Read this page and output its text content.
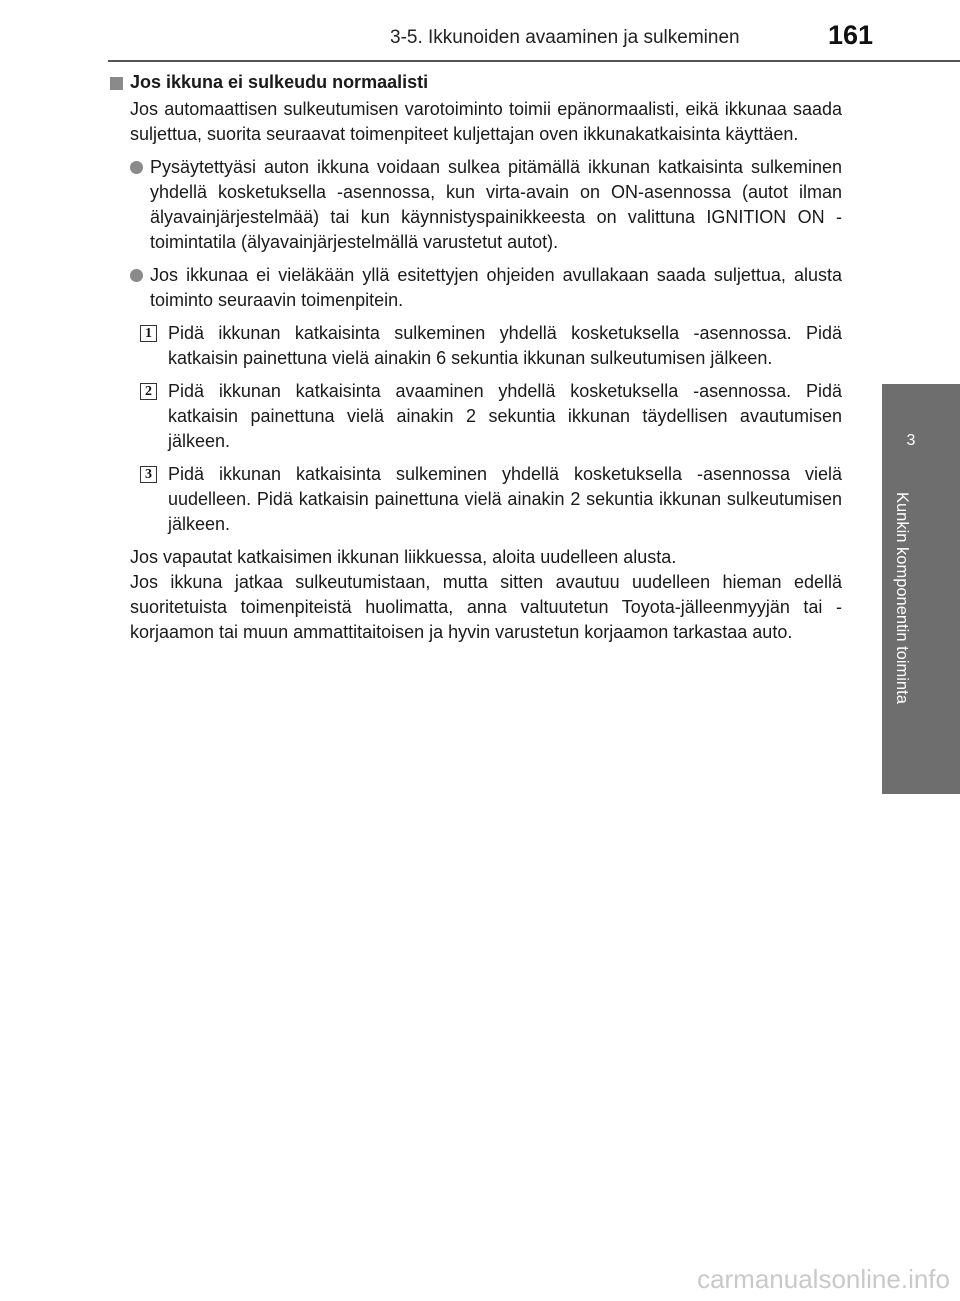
3-5. Ikkunoiden avaaminen ja sulkeminen	161
3
Kunkin komponentin toiminta
Jos ikkuna ei sulkeudu normaalisti

Jos automaattisen sulkeutumisen varotoiminto toimii epänormaalisti, eikä ikkunaa saada suljettua, suorita seuraavat toimenpiteet kuljettajan oven ikkunakatkaisinta käyttäen.

Pysäytettyäsi auton ikkuna voidaan sulkea pitämällä ikkunan katkaisinta sulkeminen yhdellä kosketuksella -asennossa, kun virta-avain on ON-asennossa (autot ilman älyavainjärjestelmää) tai kun käynnistyspainikkeesta on valittuna IGNITION ON -toimintatila (älyavainjärjestelmällä varustetut autot).

Jos ikkunaa ei vieläkään yllä esitettyjen ohjeiden avullakaan saada suljettua, alusta toiminto seuraavin toimenpitein.

1 Pidä ikkunan katkaisinta sulkeminen yhdellä kosketuksella -asennossa. Pidä katkaisin painettuna vielä ainakin 6 sekuntia ikkunan sulkeutumisen jälkeen.

2 Pidä ikkunan katkaisinta avaaminen yhdellä kosketuksella -asennossa. Pidä katkaisin painettuna vielä ainakin 2 sekuntia ikkunan täydellisen avautumisen jälkeen.

3 Pidä ikkunan katkaisinta sulkeminen yhdellä kosketuksella -asennossa vielä uudelleen. Pidä katkaisin painettuna vielä ainakin 2 sekuntia ikkunan sulkeutumisen jälkeen.

Jos vapautat katkaisimen ikkunan liikkuessa, aloita uudelleen alusta.

Jos ikkuna jatkaa sulkeutumistaan, mutta sitten avautuu uudelleen hieman edellä suoritetuista toimenpiteistä huolimatta, anna valtuutetun Toyota-jälleenmyyjän tai -korjaamon tai muun ammattitaitoisen ja hyvin varustetun korjaamon tarkastaa auto.

carmanualsonline.info
